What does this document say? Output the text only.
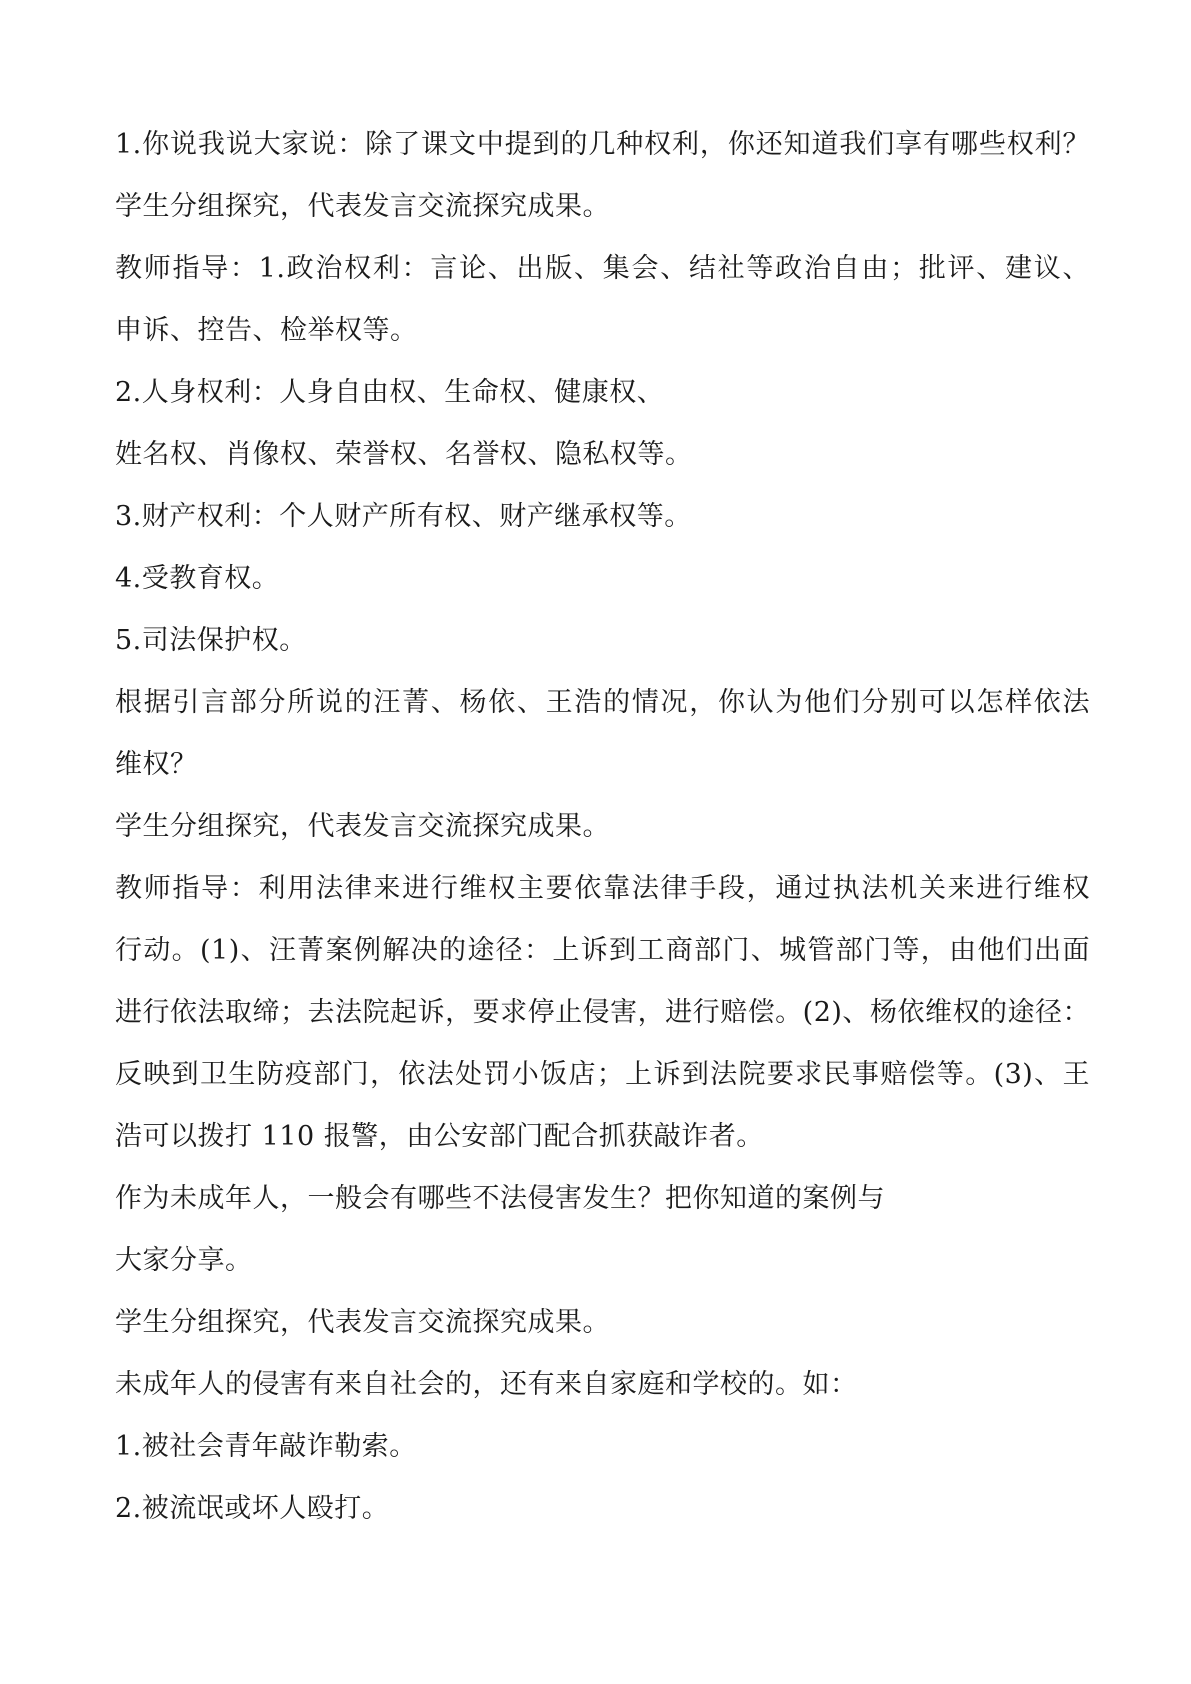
1.你说我说大家说：除了课文中提到的几种权利，你还知道我们享有哪些权利？
学生分组探究，代表发言交流探究成果。
教师指导：1.政治权利：言论、出版、集会、结社等政治自由；批评、建议、
申诉、控告、检举权等。
2.人身权利：人身自由权、生命权、健康权、
姓名权、肖像权、荣誉权、名誉权、隐私权等。
3.财产权利：个人财产所有权、财产继承权等。
4.受教育权。
5.司法保护权。
根据引言部分所说的汪菁、杨依、王浩的情况，你认为他们分别可以怎样依法
维权？
学生分组探究，代表发言交流探究成果。
教师指导：利用法律来进行维权主要依靠法律手段，通过执法机关来进行维权
行动。(1)、汪菁案例解决的途径：上诉到工商部门、城管部门等，由他们出面
进行依法取缔；去法院起诉，要求停止侵害，进行赔偿。(2)、杨依维权的途径：
反映到卫生防疫部门，依法处罚小饭店；上诉到法院要求民事赔偿等。(3)、王
浩可以拨打 110 报警，由公安部门配合抓获敲诈者。
作为未成年人，一般会有哪些不法侵害发生？把你知道的案例与
大家分享。
学生分组探究，代表发言交流探究成果。
未成年人的侵害有来自社会的，还有来自家庭和学校的。如：
1.被社会青年敲诈勒索。
2.被流氓或坏人殴打。
